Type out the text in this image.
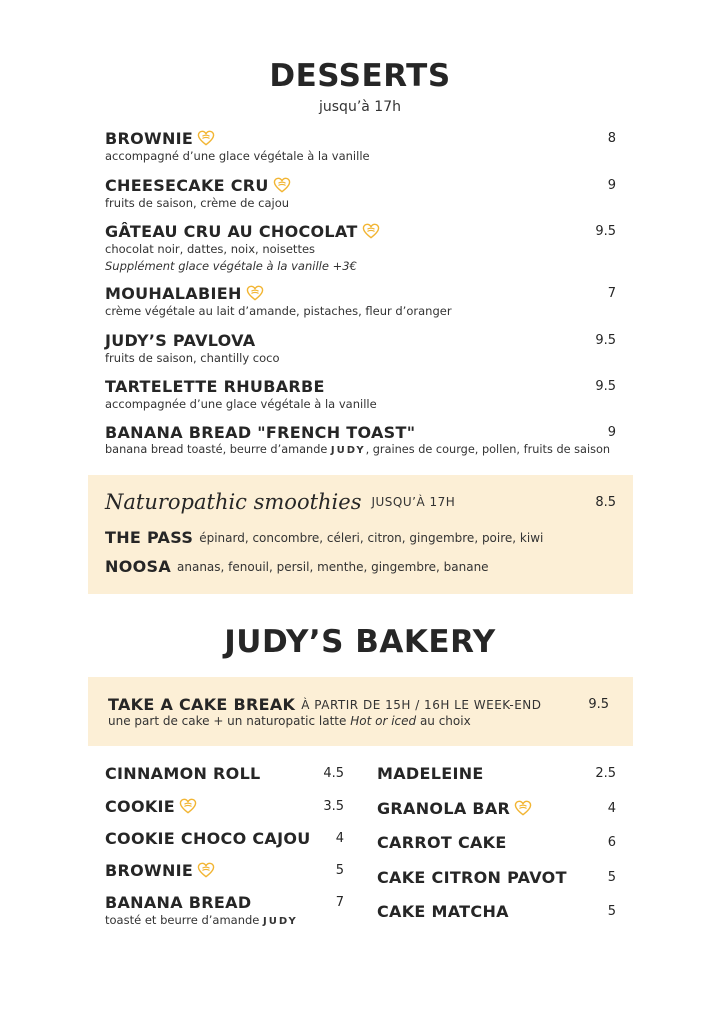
DESSERTS
jusqu’à 17h
BROWNIE	8
accompagné d’une glace végétale à la vanille
CHEESECAKE CRU	9
fruits de saison, crème de cajou
GÂTEAU CRU AU CHOCOLAT	9.5
chocolat noir, dattes, noix, noisettes
Supplément glace végétale à la vanille +3€
MOUHALABIEH	7
crème végétale au lait d’amande, pistaches, fleur d’oranger
JUDY’S PAVLOVA	9.5
fruits de saison, chantilly coco
TARTELETTE RHUBARBE	9.5
accompagnée d’une glace végétale à la vanille
BANANA BREAD "FRENCH TOAST"	9
banana bread toasté, beurre d’amande JUDY, graines de courge, pollen, fruits de saison
Naturopathic smoothies JUSQU’À 17H	8.5
THE PASS épinard, concombre, céleri, citron, gingembre, poire, kiwi
NOOSA ananas, fenouil, persil, menthe, gingembre, banane
JUDY’S BAKERY
TAKE A CAKE BREAK À PARTIR DE 15H / 16H LE WEEK-END	9.5
une part de cake + un naturopatic latte Hot or iced au choix
CINNAMON ROLL	4.5
COOKIE	3.5
COOKIE CHOCO CAJOU 4
BROWNIE	5
BANANA BREAD	7
toasté et beurre d’amande JUDY
MADELEINE	2.5
GRANOLA BAR	4
CARROT CAKE	6
CAKE CITRON PAVOT	5
CAKE MATCHA	5
